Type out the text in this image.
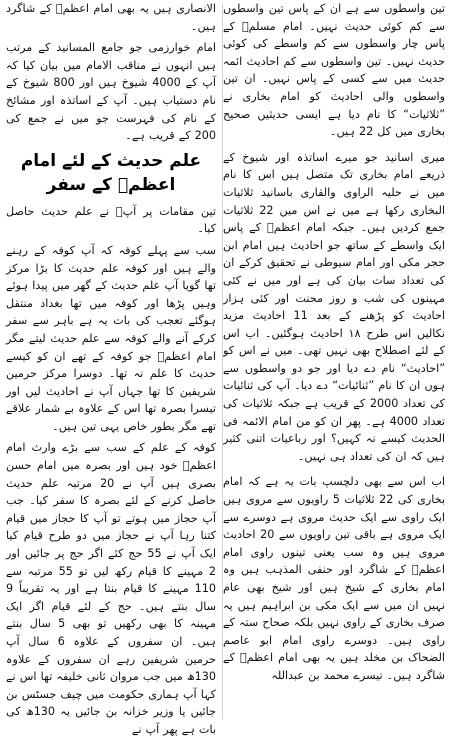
تین واسطوں سے ہے ان کے پاس تین واسطوں سے کم کوئی حدیث نہیں۔ امام مسلمؒ کے پاس چار واسطوں سے کم واسطے کی کوئی حدیث نہیں۔ تین واسطوں سے کم احادیث ائمہ حدیث میں سے کسی کے پاس نہیں۔ ان تین واسطوں والی احادیث کو امام بخاری نے ”ثلاثیات“ کا نام دیا ہے ایسی حدیثیں صحیح بخاری میں کل 22 ہیں۔

میری اسانید جو میرے اساتذہ اور شیوخ کے ذریعے امام بخاری تک متصل ہیں اس کا نام میں نے حلیہ الراوی والقاری باسانید ثلاثیات البخاری رکھا ہے میں نے اس میں 22 ثلاثیات جمع کردیں ہیں۔ جبکہ امام اعظمؒ کے پاس ایک واسطے کے ساتھ جو احادیث ہیں امام ابن حجر مکی اور امام سیوطی نے تحقیق کرکے ان کی تعداد سات بیان کی ہے اور میں نے کئی مہینوں کی شب و روز محنت اور کئی ہزار احادیث کو پڑھنے کے بعد 11 احادیث مزید نکالیں اس طرح ۱۸ احادیث ہوگئیں۔ اب اس کے لئے اصطلاح بھی نہیں تھی۔ میں نے اس کو ”احادیث“ نام دے دیا اور جو دو واسطوں سے ہوں ان کا نام ”ثنائیات“ دے دیا۔ آپ کی ثنائیات کی تعداد 2000 کے قریب ہے جبکہ ثلاثیات کی تعداد 4000 ہے۔ پھر ان کو من امام الائمہ فی الحدیث کیسے نہ کہیں؟ اور رباعیات اتنی کثیر ہیں کہ ان کی تعداد ہی نہیں۔

اب اس سے بھی دلچسپ بات یہ ہے کہ امام بخاری کی 22 ثلاثیات 5 راویوں سے مروی ہیں ایک راوی سے ایک حدیث مروی ہے دوسرے سے ایک مروی ہے باقی تین راویوں سے 20 احادیث مروی ہیں وہ سب یعنی تینوں راوی امام اعظمؒ کے شاگرد اور حنفی المذہب ہیں وہ امام بخاری کے شیخ ہیں اور شیخ بھی عام نہیں ان میں سے ایک مکی بن ابراہیم ہیں یہ صرف بخاری کے راوی نہیں بلکہ صحاح ستہ کے راوی ہیں۔ دوسرے راوی امام ابو عاصم الضحاک بن مخلد ہیں یہ بھی امام اعظمؒ کے شاگرد ہیں۔ تیسرے محمد بن عبداللہ

الانصاری ہیں یہ بھی امام اعظمؒ کے شاگرد ہیں۔

امام خوارزمی جو جامع المسانید کے مرتب ہیں انہوں نے مناقب الامام میں بیان کیا کہ آپ کے 4000 شیوخ ہیں اور 800 شیوخ کے نام دستیاب ہیں۔ آپ کے اساتذہ اور مشائخ کے نام کی فہرست جو میں نے جمع کی 200 کے قریب ہے۔

علم حدیث کے لئے امام اعظمؒ کے سفر

تین مقامات پر آپؒ نے علم حدیث حاصل کیا۔

سب سے پہلے کوفہ کہ آپ کوفہ کے رہنے والے ہیں اور کوفہ علم حدیث کا بڑا مرکز تھا گویا آپ علم حدیث کے گھر میں پیدا ہوئے وہیں پڑھا اور کوفہ میں تھا بغداد منتقل ہوگئے تعجب کی بات یہ ہے باہر سے سفر کرکے آنے والے کوفہ سے علم حدیث لیتے مگر امام اعظمؒ جو کوفہ کے تھے ان کو کیسے حدیث کا علم نہ تھا۔ دوسرا مرکز حرمین شریفین کا تھا جہاں آپ نے احادیث لیں اور تیسرا بصرہ تھا اس کے علاوہ بے شمار علاقے تھے مگر بطور خاص یہی تین ہیں۔

کوفہ کے علم کے سب سے بڑے وارث امام اعظمؒ خود ہیں اور بصرہ میں امام حسن بصری ہیں آپ نے 20 مرتبہ علم حدیث حاصل کرنے کے لئے بصرہ کا سفر کیا۔ جب آپ حجاز میں ہوتے تو آپ کا حجاز میں قیام کتنا رہا آپ نے حجاز میں دو طرح قیام کیا ایک آپ نے 55 حج کئے اگر حج پر جائیں اور 2 مہینے کا قیام رکھ لیں تو 55 مرتبہ سے 110 مہینے کا قیام بنتا ہے اور یہ تقریباً 9 سال بنتے ہیں۔ حج کے لئے قیام اگر ایک مہینہ کا بھی رکھیں تو بھی 5 سال بنتے ہیں۔ ان سفروں کے علاوہ 6 سال آپ حرمین شریفین رہے ان سفروں کے علاوہ 130ھ میں جب مروان ثانی خلیفہ تھا اس نے کہا آپ ہماری حکومت میں چیف جسٹس بن جائیں یا وزیر خزانہ بن جائیں یہ 130ھ کی بات ہے پھر آپ نے
